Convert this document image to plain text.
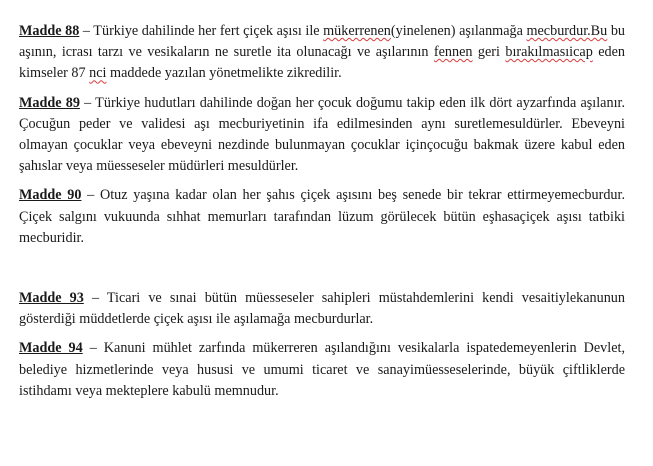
Madde 88 – Türkiye dahilinde her fert çiçek aşısı ile mükerrenen(yinelenen) aşılanmağa mecburdur.Bu bu aşının, icrası tarzı ve vesikaların ne suretle ita olunacağı ve aşılarının fennen geri bırakılmasıicap eden kimseler 87 nci maddede yazılan yönetmelikte zikredilir.

Madde 89 – Türkiye hudutları dahilinde doğan her çocuk doğumu takip eden ilk dört ayzarfında aşılanır. Çocuğun peder ve validesi aşı mecburiyetinin ifa edilmesinden aynı suretlemesuldürler. Ebeveyni olmayan çocuklar veya ebeveyni nezdinde bulunmayan çocuklar içinçocuğu bakmak üzere kabul eden şahıslar veya müesseseler müdürleri mesuldürler.

Madde 90 – Otuz yaşına kadar olan her şahıs çiçek aşısını beş senede bir tekrar ettirmeyemecburdur. Çiçek salgını vukuunda sıhhat memurları tarafından lüzum görülecek bütün eşhasaçiçek aşısı tatbiki mecburidir.

Madde 93 – Ticari ve sınai bütün müesseseler sahipleri müstahdemlerini kendi vesaitiylekanunun gösterdiği müddetlerde çiçek aşısı ile aşılamağa mecburdurlar.

Madde 94 – Kanuni mühlet zarfında mükerreren aşılandığını vesikalarla ispatedemeyenlerin Devlet, belediye hizmetlerinde veya hususi ve umumi ticaret ve sanayimüesseselerinde, büyük çiftliklerde istihdamı veya mekteplere kabulü memnudur.
